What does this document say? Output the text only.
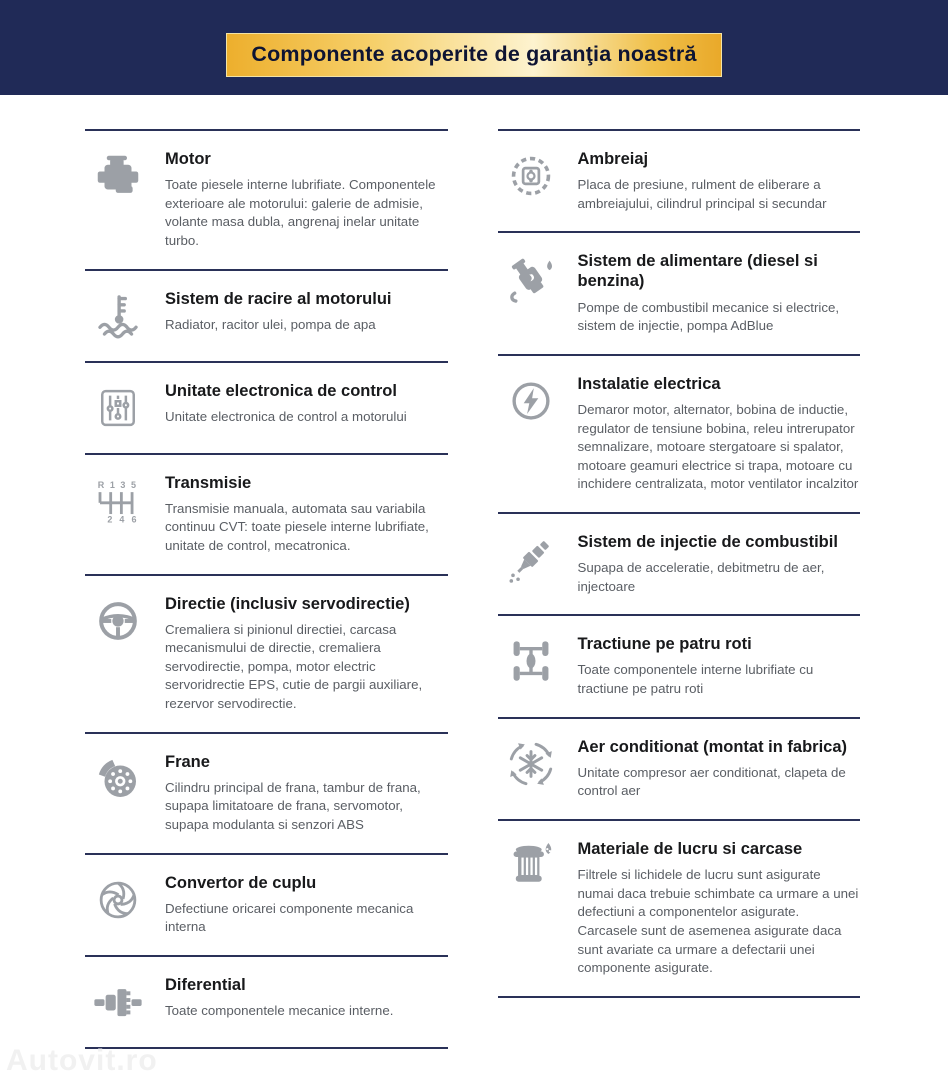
Componente acoperite de garanţia noastră
Motor

Toate piesele interne lubrifiate. Componentele exterioare ale motorului: galerie de admisie, volante masa dubla, angrenaj inelar unitate turbo.

Sistem de racire al motorului

Radiator, racitor ulei, pompa de apa

Unitate electronica de control

Unitate electronica de control a motorului

R 1 3 5
2 4 6
Transmisie

Transmisie manuala, automata sau variabila continuu CVT: toate piesele interne lubrifiate, unitate de control, mecatronica.

Directie (inclusiv servodirectie)

Cremaliera si pinionul directiei, carcasa mecanismului de directie, cremaliera servodirectie, pompa, motor electric servoridrectie EPS, cutie de pargii auxiliare, rezervor servodirectie.

Frane

Cilindru principal de frana, tambur de frana, supapa limitatoare de frana, servomotor, supapa modulanta si senzori ABS

Convertor de cuplu

Defectiune oricarei componente mecanica interna

Diferential

Toate componentele mecanice interne.

Ambreiaj

Placa de presiune, rulment de eliberare a ambreiajului, cilindrul principal si secundar

Sistem de alimentare (diesel si benzina)

Pompe de combustibil mecanice si electrice, sistem de injectie, pompa AdBlue

Instalatie electrica

Demaror motor, alternator, bobina de inductie, regulator de tensiune bobina, releu intrerupator semnalizare, motoare stergatoare si spalator, motoare geamuri electrice si trapa, motoare cu inchidere centralizata, motor ventilator incalzitor

Sistem de injectie de combustibil

Supapa de acceleratie, debitmetru de aer, injectoare

Tractiune pe patru roti

Toate componentele interne lubrifiate cu tractiune pe patru roti

Aer conditionat (montat in fabrica)

Unitate compresor aer conditionat, clapeta de control aer

Materiale de lucru si carcase

Filtrele si lichidele de lucru sunt asigurate numai daca trebuie schimbate ca urmare a unei defectiuni a componentelor asigurate. Carcasele sunt de asemenea asigurate daca sunt avariate ca urmare a defectarii unei componente asigurate.

Autovit.ro
